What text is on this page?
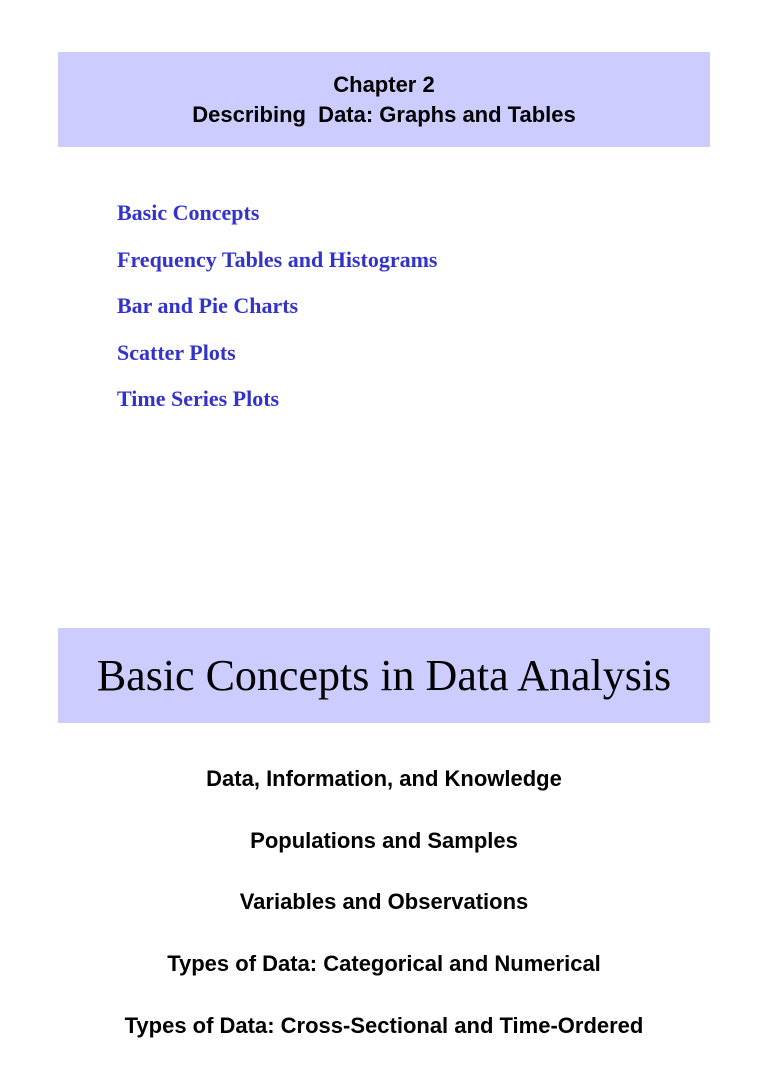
Chapter 2
Describing  Data: Graphs and Tables
Basic Concepts
Frequency Tables and Histograms
Bar and Pie Charts
Scatter Plots
Time Series Plots
Basic Concepts in Data Analysis
Data, Information, and Knowledge
Populations and Samples
Variables and Observations
Types of Data: Categorical and Numerical
Types of Data: Cross-Sectional and Time-Ordered
